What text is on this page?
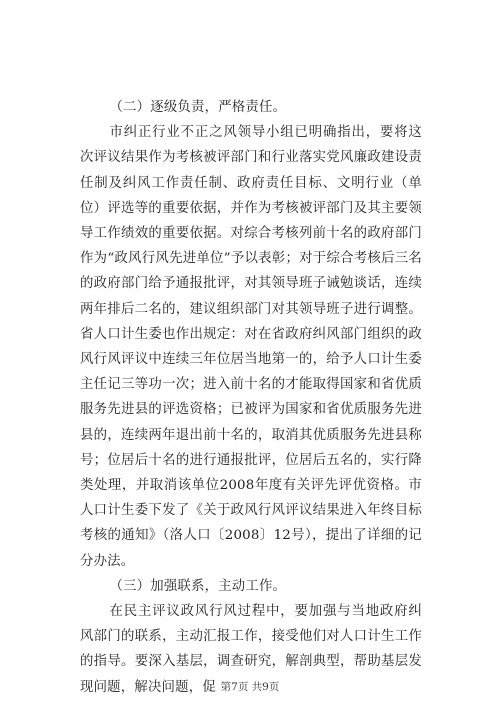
（二）逐级负责，严格责任。

市纠正行业不正之风领导小组已明确指出，要将这次评议结果作为考核被评部门和行业落实党风廉政建设责任制及纠风工作责任制、政府责任目标、文明行业（单位）评选等的重要依据，并作为考核被评部门及其主要领导工作绩效的重要依据。对综合考核列前十名的政府部门作为“政风行风先进单位”予以表彰；对于综合考核后三名的政府部门给予通报批评，对其领导班子诫勉谈话，连续两年排后二名的，建议组织部门对其领导班子进行调整。省人口计生委也作出规定：对在省政府纠风部门组织的政风行风评议中连续三年位居当地第一的，给予人口计生委主任记三等功一次；进入前十名的才能取得国家和省优质服务先进县的评选资格；已被评为国家和省优质服务先进县的，连续两年退出前十名的，取消其优质服务先进县称号；位居后十名的进行通报批评，位居后五名的，实行降类处理，并取消该单位2008年度有关评先评优资格。市人口计生委下发了《关于政风行风评议结果进入年终目标考核的通知》（洛人口〔2008〕12号），提出了详细的记分办法。

（三）加强联系，主动工作。

在民主评议政风行风过程中，要加强与当地政府纠风部门的联系，主动汇报工作，接受他们对人口计生工作的指导。要深入基层，调查研究，解剖典型，帮助基层发现问题，解决问题，促 第7页 共9页
